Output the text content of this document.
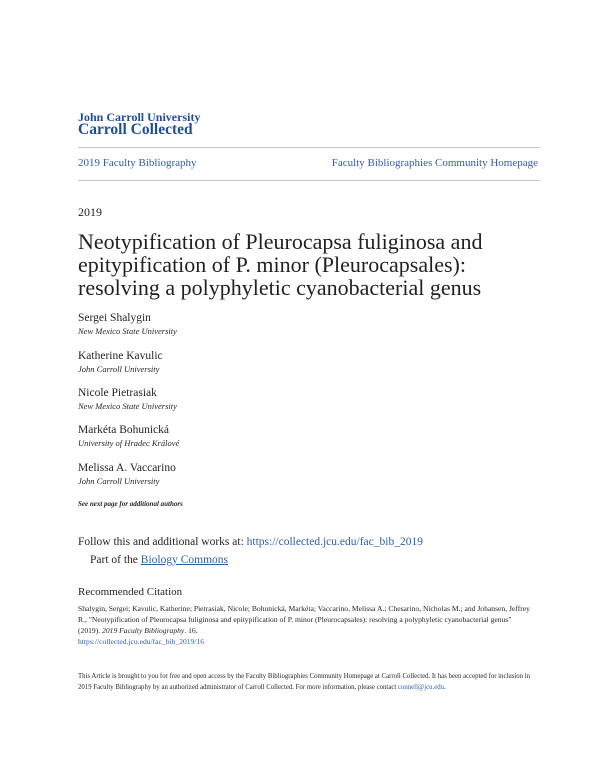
John Carroll University
Carroll Collected
2019 Faculty Bibliography	Faculty Bibliographies Community Homepage
2019
Neotypification of Pleurocapsa fuliginosa and epitypification of P. minor (Pleurocapsales): resolving a polyphyletic cyanobacterial genus
Sergei Shalygin
New Mexico State University
Katherine Kavulic
John Carroll University
Nicole Pietrasiak
New Mexico State University
Markéta Bohunická
University of Hradec Králové
Melissa A. Vaccarino
John Carroll University
See next page for additional authors
Follow this and additional works at: https://collected.jcu.edu/fac_bib_2019
Part of the Biology Commons
Recommended Citation
Shalygin, Sergei; Kavulic, Katherine; Pietrasiak, Nicole; Bohunická, Markéta; Vaccarino, Melissa A.; Chesarino, Nicholas M.; and Johansen, Jeffrey R., "Neotypification of Pleurocapsa fuliginosa and epitypification of P. minor (Pleurocapsales): resolving a polyphyletic cyanobacterial genus" (2019). 2019 Faculty Bibliography. 16.
https://collected.jcu.edu/fac_bib_2019/16
This Article is brought to you for free and open access by the Faculty Bibliographies Community Homepage at Carroll Collected. It has been accepted for inclusion in 2019 Faculty Bibliography by an authorized administrator of Carroll Collected. For more information, please contact connell@jcu.edu.
